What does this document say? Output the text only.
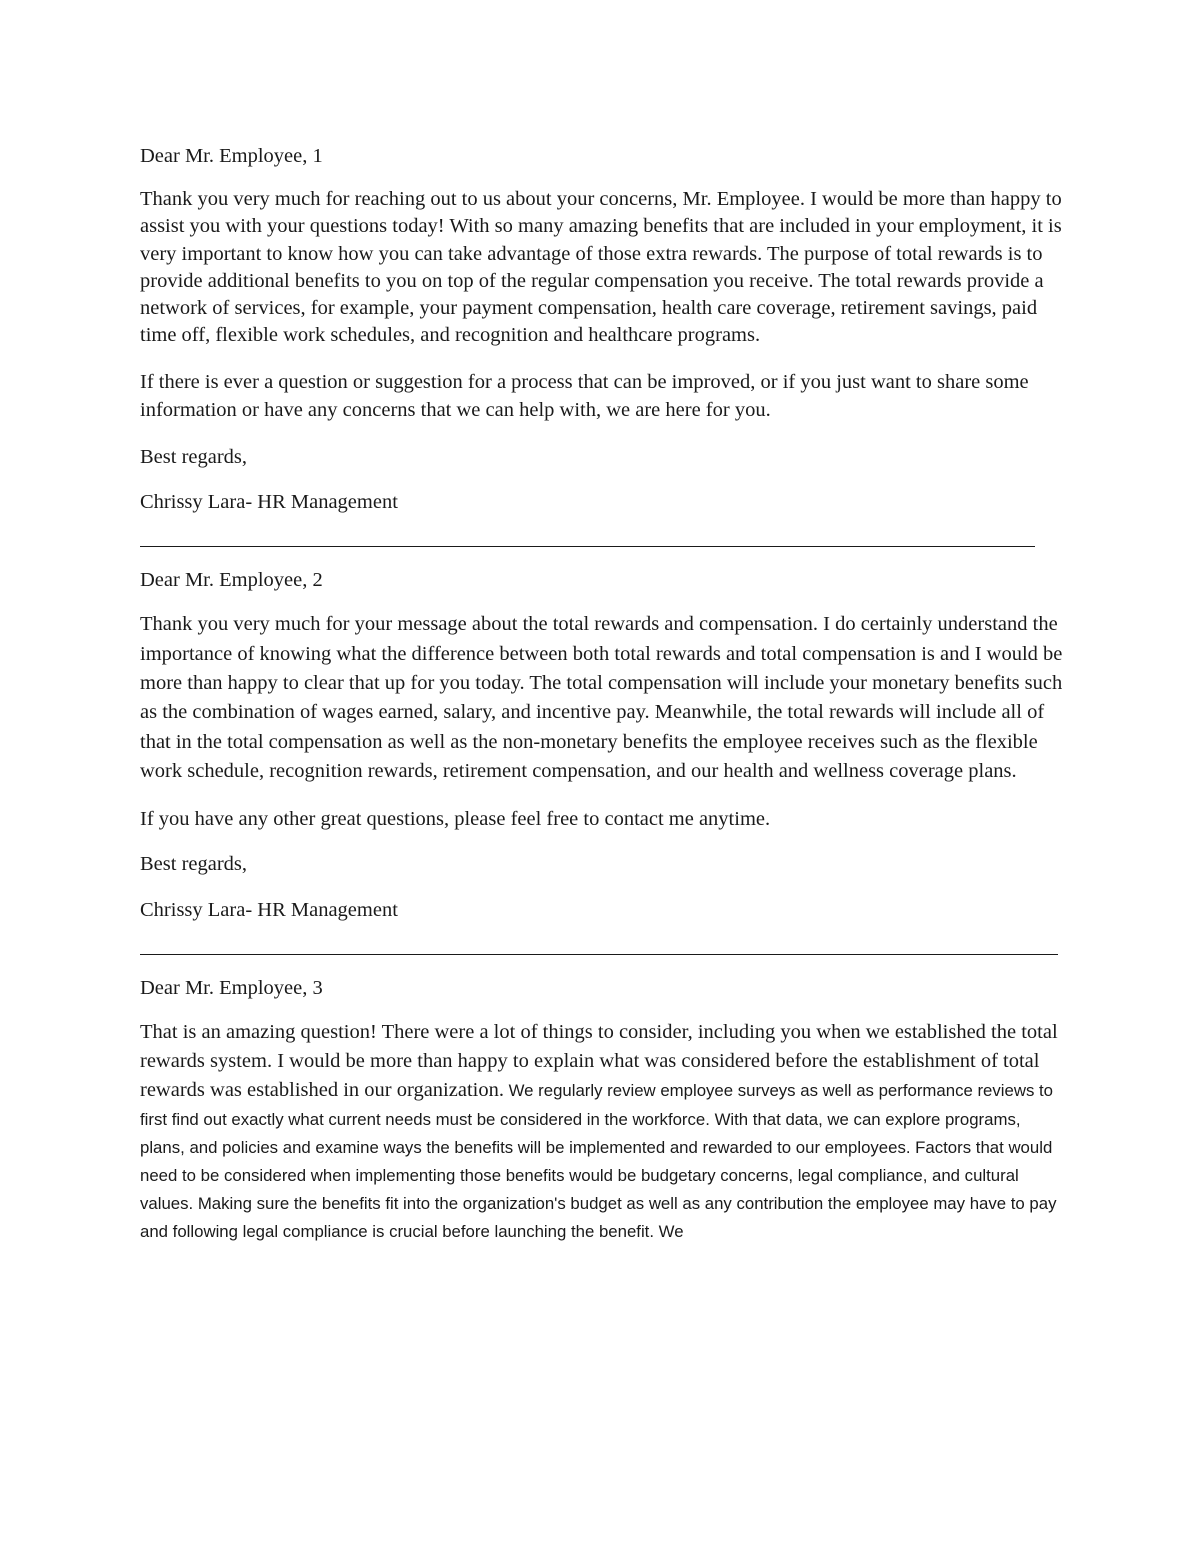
Dear Mr. Employee, 1

Thank you very much for reaching out to us about your concerns, Mr. Employee. I would be more than happy to assist you with your questions today! With so many amazing benefits that are included in your employment, it is very important to know how you can take advantage of those extra rewards. The purpose of total rewards is to provide additional benefits to you on top of the regular compensation you receive. The total rewards provide a network of services, for example, your payment compensation, health care coverage, retirement savings, paid time off, flexible work schedules, and recognition and healthcare programs.

If there is ever a question or suggestion for a process that can be improved, or if you just want to share some information or have any concerns that we can help with, we are here for you.

Best regards,

Chrissy Lara- HR Management

Dear Mr. Employee, 2

Thank you very much for your message about the total rewards and compensation. I do certainly understand the importance of knowing what the difference between both total rewards and total compensation is and I would be more than happy to clear that up for you today. The total compensation will include your monetary benefits such as the combination of wages earned, salary, and incentive pay. Meanwhile, the total rewards will include all of that in the total compensation as well as the non-monetary benefits the employee receives such as the flexible work schedule, recognition rewards, retirement compensation, and our health and wellness coverage plans.

If you have any other great questions, please feel free to contact me anytime.

Best regards,

Chrissy Lara- HR Management

Dear Mr. Employee, 3

That is an amazing question! There were a lot of things to consider, including you when we established the total rewards system. I would be more than happy to explain what was considered before the establishment of total rewards was established in our organization. We regularly review employee surveys as well as performance reviews to first find out exactly what current needs must be considered in the workforce. With that data, we can explore programs, plans, and policies and examine ways the benefits will be implemented and rewarded to our employees. Factors that would need to be considered when implementing those benefits would be budgetary concerns, legal compliance, and cultural values. Making sure the benefits fit into the organization's budget as well as any contribution the employee may have to pay and following legal compliance is crucial before launching the benefit. We
